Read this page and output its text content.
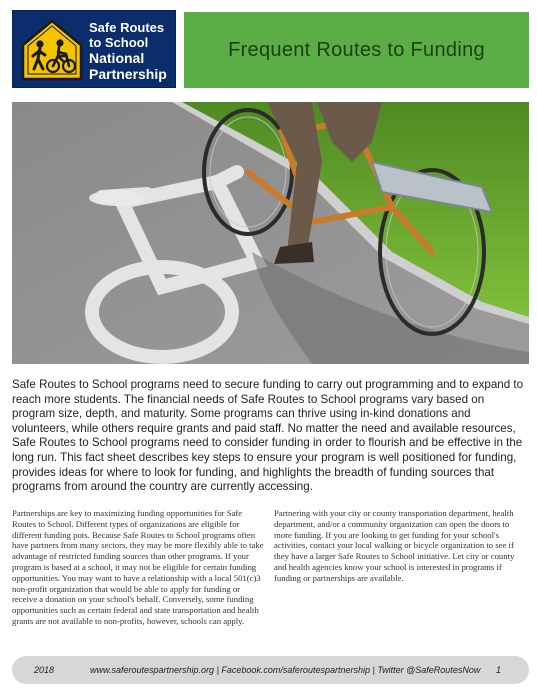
Safe Routes
to School
National
Partnership
Frequent Routes to Funding
Safe Routes to School programs need to secure funding to carry out programming and to expand to reach more students. The financial needs of Safe Routes to School programs vary based on program size, depth, and maturity. Some programs can thrive using in-kind donations and volunteers, while others require grants and paid staff. No matter the need and available resources, Safe Routes to School programs need to consider funding in order to flourish and be effective in the long run. This fact sheet describes key steps to ensure your program is well positioned for funding, provides ideas for where to look for funding, and highlights the breadth of funding sources that programs from around the country are currently accessing.

Partnerships are key to maximizing funding opportunities for Safe Routes to School. Different types of organizations are eligible for different funding pots. Because Safe Routes to School programs often have partners from many sectors, they may be more flexibly able to take advantage of restricted funding sources than other programs. If your program is based at a school, it may not be eligible for certain funding opportunities. You may want to have a relationship with a local 501(c)3 non-profit organization that would be able to apply for funding or receive a donation on your school's behalf. Conversely, some funding opportunities such as certain federal and state transportation and health grants are not available to non-profits, however, schools can apply.

Partnering with your city or county transportation department, health department, and/or a community organization can open the doors to more funding. If you are looking to get funding for your school's activities, contact your local walking or bicycle organization to see if they have a larger Safe Routes to School initiative. Let city or county and health agencies know your school is interested in programs if funding or partnerships are available.

2018	www.saferoutespartnership.org | Facebook.com/saferoutespartnership | Twitter @SafeRoutesNow 1
